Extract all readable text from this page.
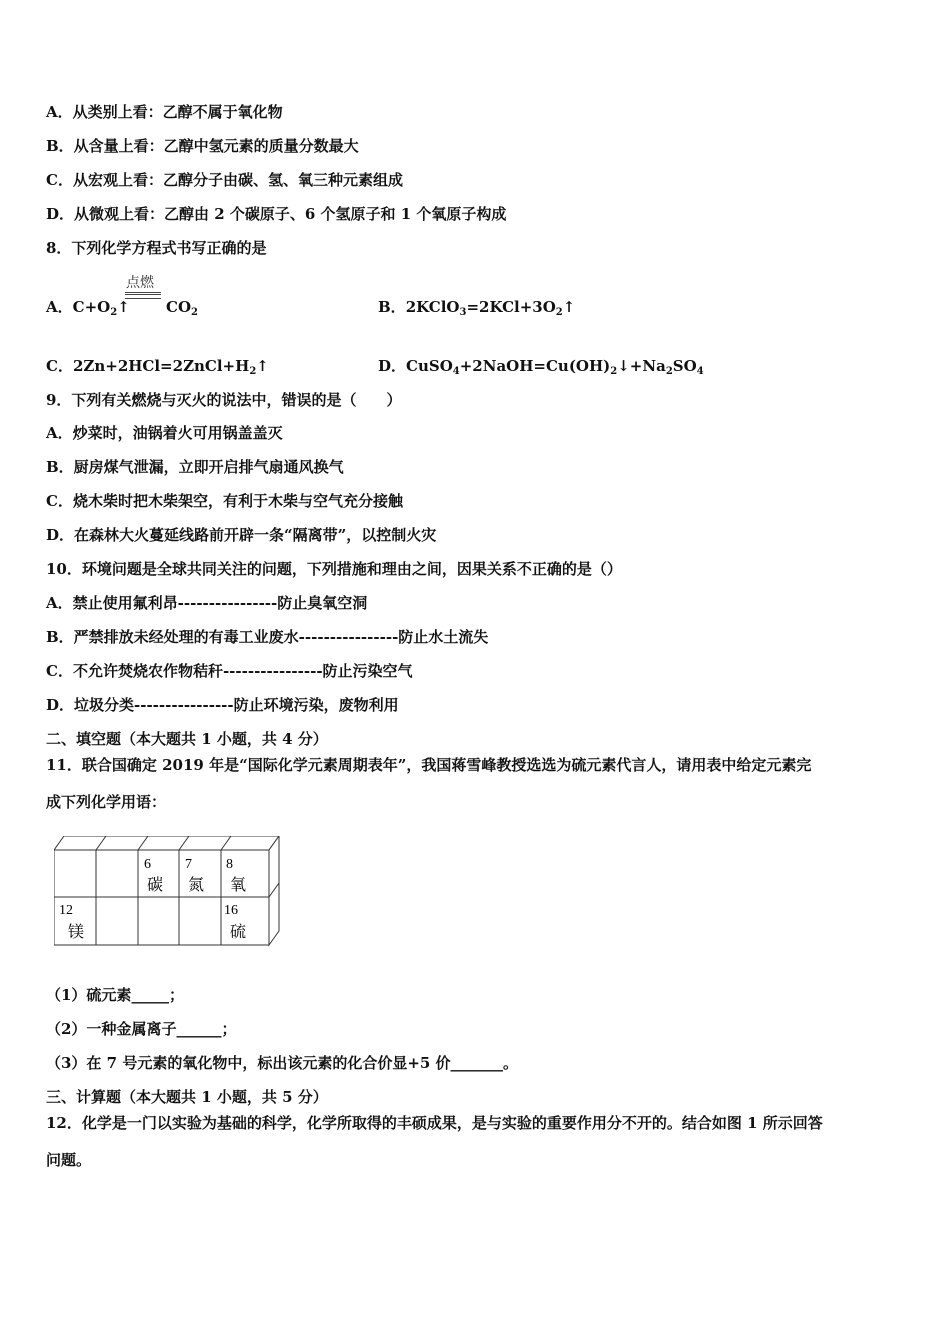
A．从类别上看：乙醇不属于氧化物
B．从含量上看：乙醇中氢元素的质量分数最大
C．从宏观上看：乙醇分子由碳、氢、氧三种元素组成
D．从微观上看：乙醇由 2 个碳原子、6 个氢原子和 1 个氧原子构成
8．下列化学方程式书写正确的是
A．$C+O_2↑$
点燃
$CO_2$	B．$2KClO_3=2KCl+3O_2↑$
C．$2Zn+2HCl=2ZnCl+H_2↑$	D．$CuSO_4+2NaOH=Cu(OH)_2↓+Na_2SO_4$
9．下列有关燃烧与灭火的说法中，错误的是（　　）
A．炒菜时，油锅着火可用锅盖盖灭
B．厨房煤气泄漏，立即开启排气扇通风换气
C．烧木柴时把木柴架空，有利于木柴与空气充分接触
D．在森林大火蔓延线路前开辟一条“隔离带”，以控制火灾
10．环境问题是全球共同关注的问题，下列措施和理由之间，因果关系不正确的是（）
A．禁止使用氟利昂----------------防止臭氧空洞
B．严禁排放未经处理的有毒工业废水----------------防止水土流失
C．不允许焚烧农作物秸秆----------------防止污染空气
D．垃圾分类----------------防止环境污染，废物利用
二、填空题（本大题共 1 小题，共 4 分）
11．联合国确定 2019 年是“国际化学元素周期表年”，我国蒋雪峰教授选选为硫元素代言人，请用表中给定元素完
成下列化学用语：
6
碳
7
氮
8
氧
12
镁
16
硫
（1）硫元素_____；
（2）一种金属离子______；
（3）在 7 号元素的氧化物中，标出该元素的化合价显+5 价_______。
三、计算题（本大题共 1 小题，共 5 分）
12．化学是一门以实验为基础的科学，化学所取得的丰硕成果，是与实验的重要作用分不开的。结合如图 1 所示回答
问题。
